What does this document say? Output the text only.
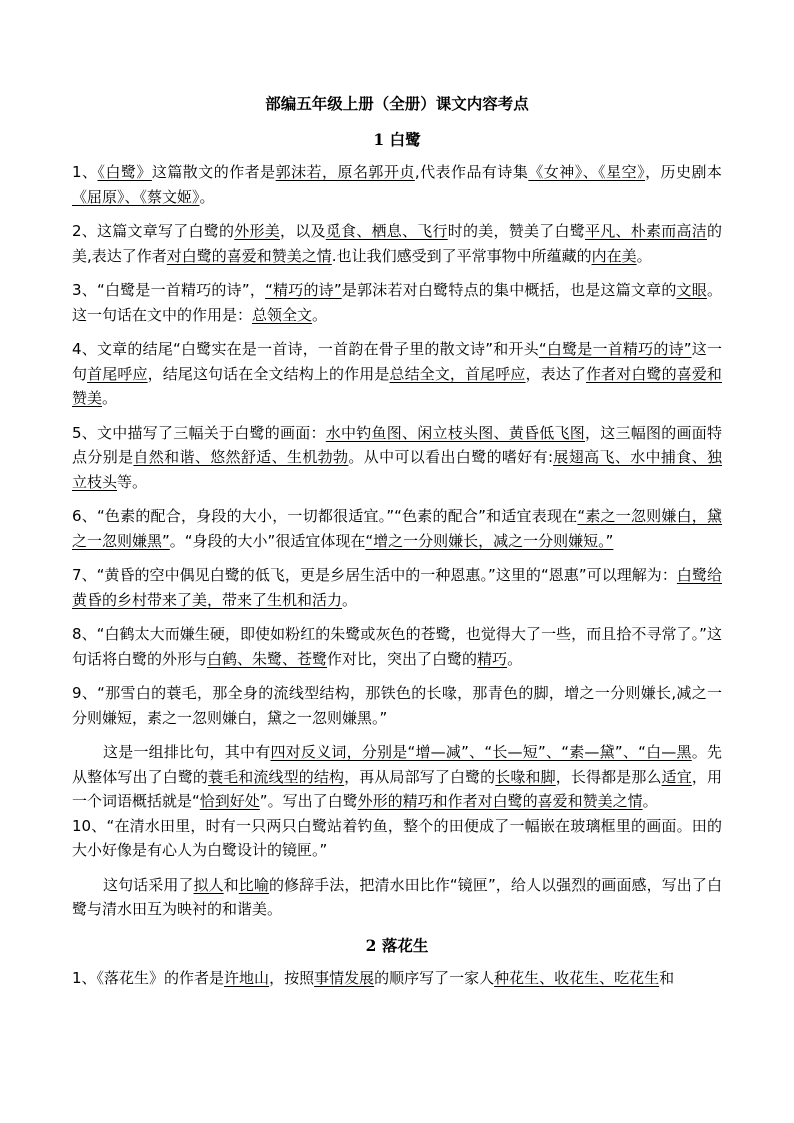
部编五年级上册（全册）课文内容考点
1 白鹭

1、《白鹭》这篇散文的作者是郭沫若，原名郭开贞,代表作品有诗集《女神》、《星空》，历史剧本《屈原》、《蔡文姬》。

2、这篇文章写了白鹭的外形美，以及觅食、栖息、飞行时的美，赞美了白鹭平凡、朴素而高洁的美,表达了作者对白鹭的喜爱和赞美之情.也让我们感受到了平常事物中所蕴藏的内在美。

3、“白鹭是一首精巧的诗”，“精巧的诗”是郭沫若对白鹭特点的集中概括，也是这篇文章的文眼。这一句话在文中的作用是：总领全文。

4、文章的结尾“白鹭实在是一首诗，一首韵在骨子里的散文诗”和开头“白鹭是一首精巧的诗”这一句首尾呼应，结尾这句话在全文结构上的作用是总结全文，首尾呼应，表达了作者对白鹭的喜爱和赞美。

5、文中描写了三幅关于白鹭的画面：水中钓鱼图、闲立枝头图、黄昏低飞图，这三幅图的画面特点分别是自然和谐、悠然舒适、生机勃勃。从中可以看出白鹭的嗜好有:展翅高飞、水中捕食、独立枝头等。

6、“色素的配合，身段的大小，一切都很适宜。”“色素的配合”和适宜表现在“素之一忽则嫌白，黛之一忽则嫌黑”。“身段的大小”很适宜体现在“增之一分则嫌长，减之一分则嫌短。”

7、“黄昏的空中偶见白鹭的低飞，更是乡居生活中的一种恩惠。”这里的“恩惠”可以理解为：白鹭给黄昏的乡村带来了美，带来了生机和活力。

8、“白鹤太大而嫌生硬，即使如粉红的朱鹭或灰色的苍鹭，也觉得大了一些，而且拾不寻常了。”这句话将白鹭的外形与白鹤、朱鹭、苍鹭作对比，突出了白鹭的精巧。

9、“那雪白的蓑毛，那全身的流线型结构，那铁色的长喙，那青色的脚，增之一分则嫌长,减之一分则嫌短，素之一忽则嫌白，黛之一忽则嫌黑。”

这是一组排比句，其中有四对反义词，分别是“增—减”、“长—短”、“素—黛”、“白—黑。先从整体写出了白鹭的蓑毛和流线型的结构，再从局部写了白鹭的长喙和脚，长得都是那么适宜，用一个词语概括就是“恰到好处”。写出了白鹭外形的精巧和作者对白鹭的喜爱和赞美之情。

10、“在清水田里，时有一只两只白鹭站着钓鱼，整个的田便成了一幅嵌在玻璃框里的画面。田的大小好像是有心人为白鹭设计的镜匣。”

这句话采用了拟人和比喻的修辞手法，把清水田比作“镜匣”，给人以强烈的画面感，写出了白鹭与清水田互为映衬的和谐美。

2 落花生

1、《落花生》的作者是许地山，按照事情发展的顺序写了一家人种花生、收花生、吃花生和
